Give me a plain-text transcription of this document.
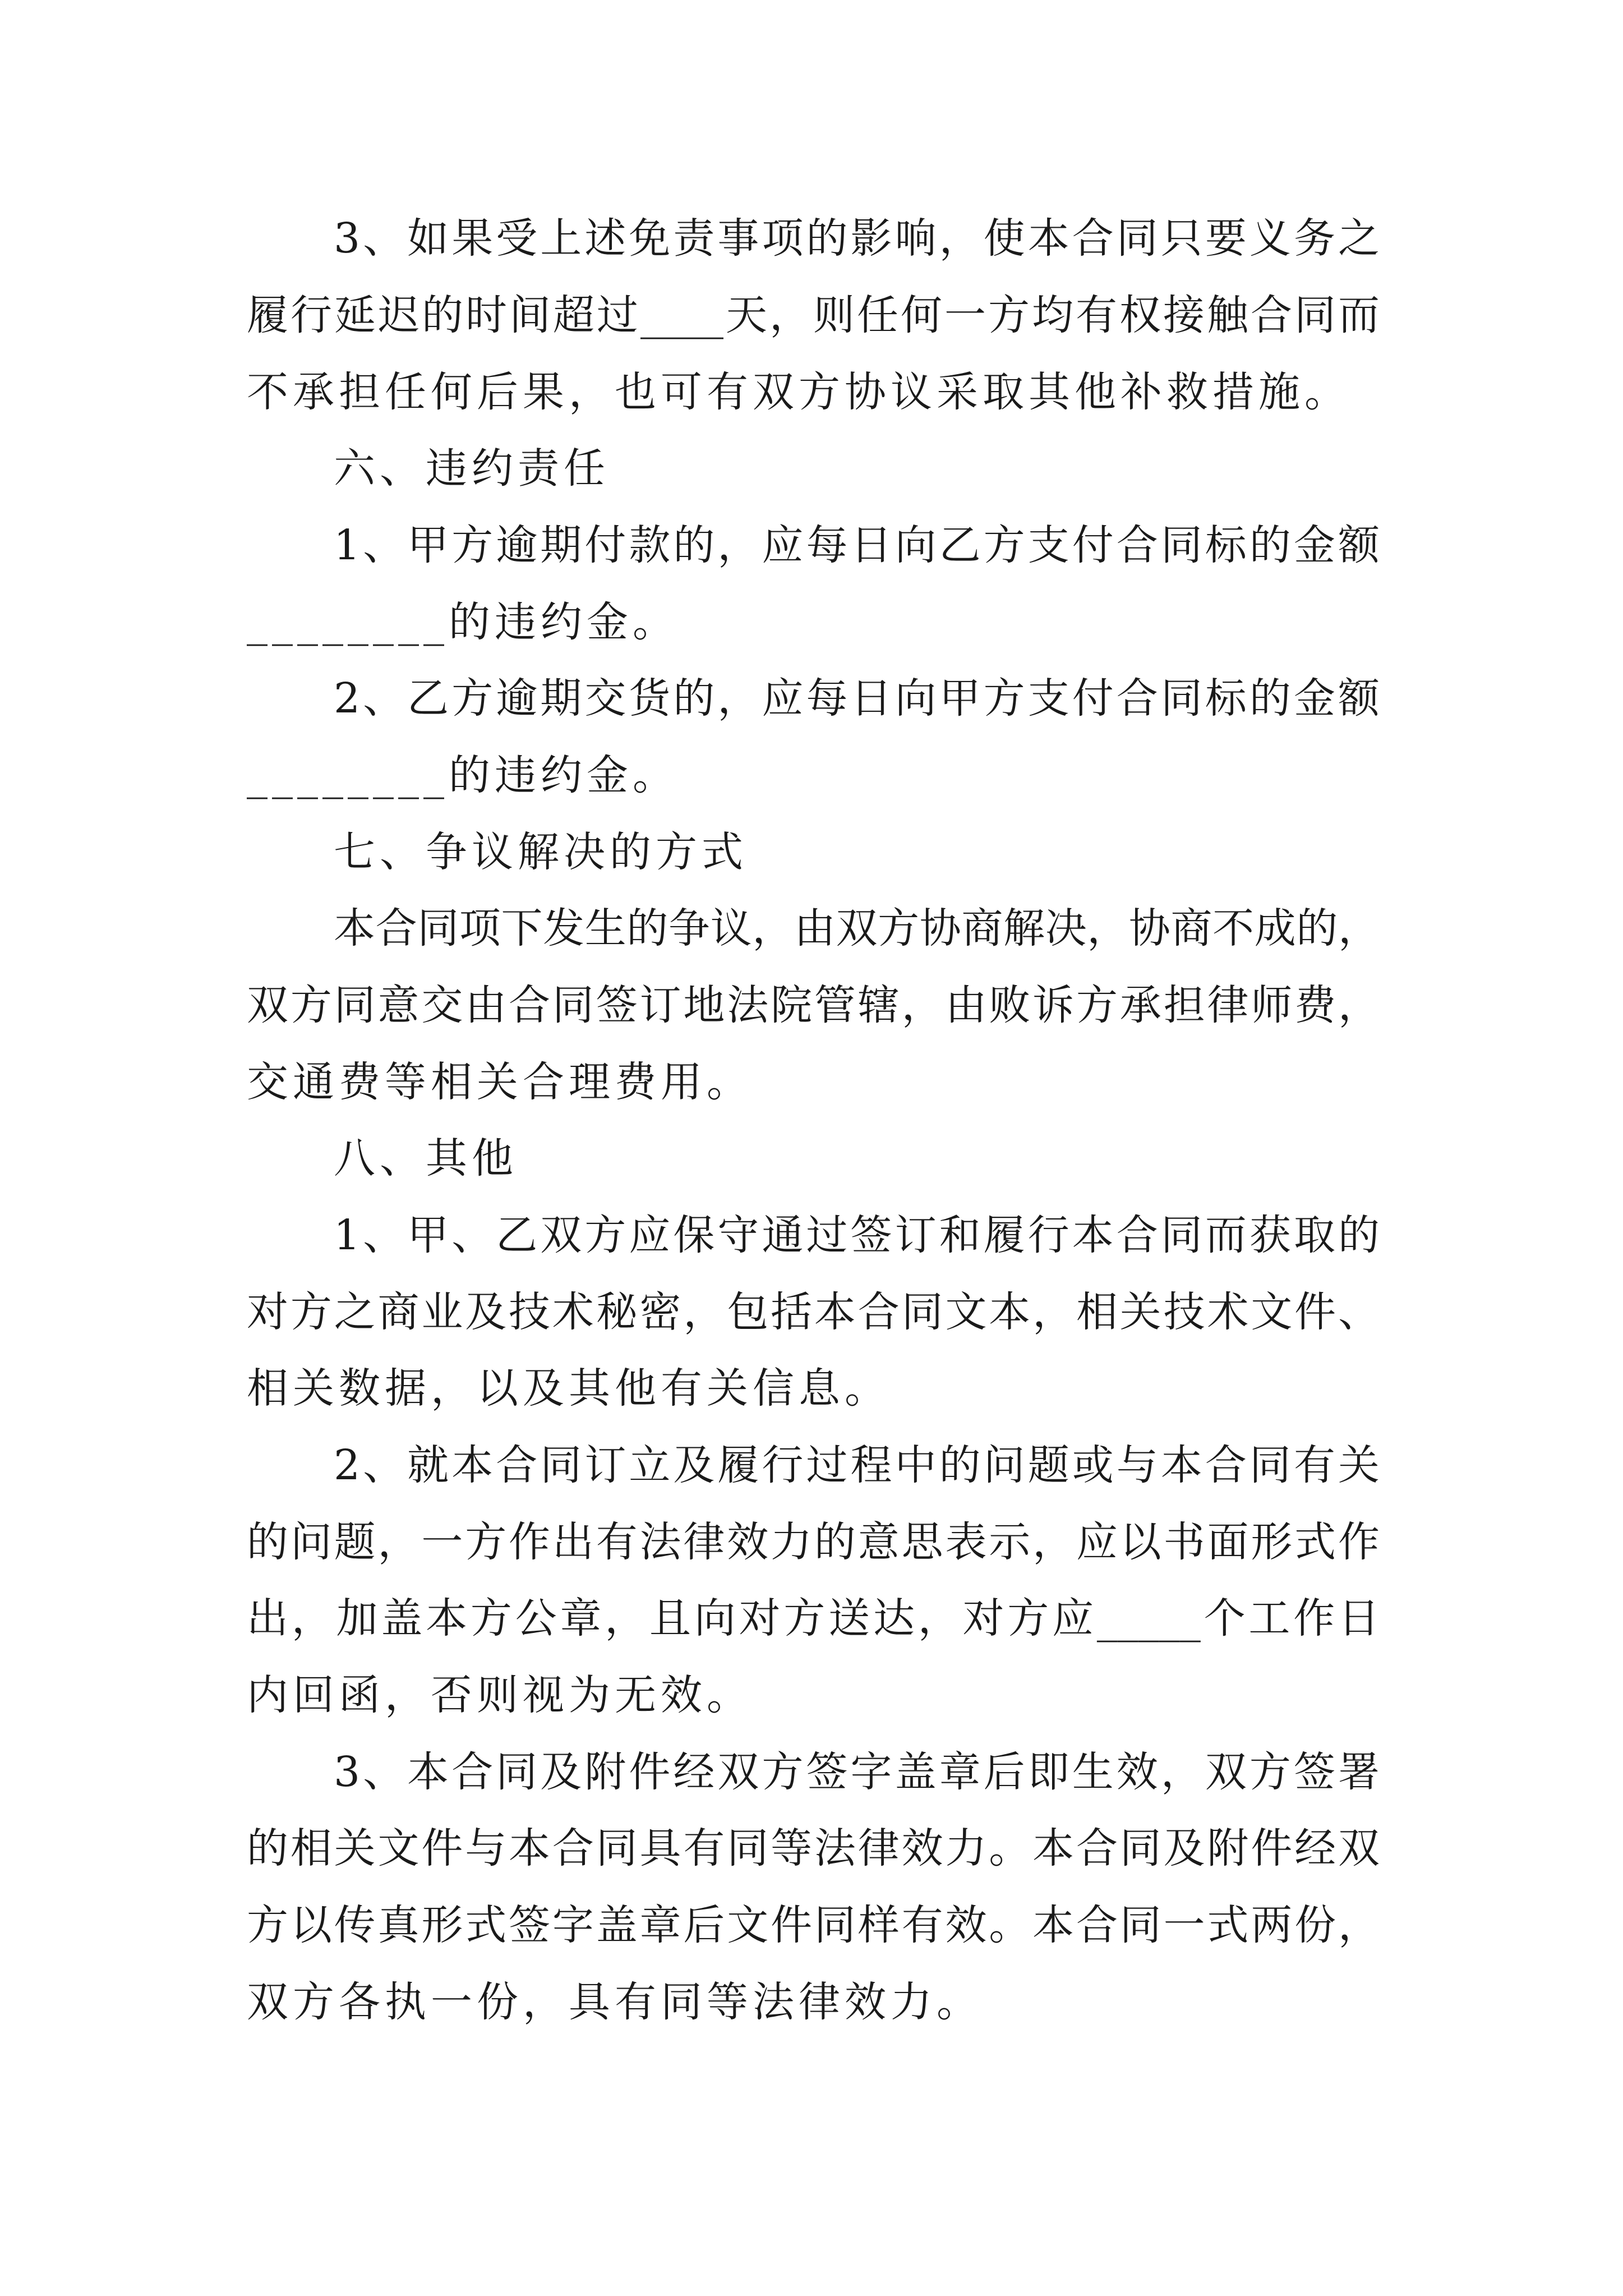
3、如果受上述免责事项的影响，使本合同只要义务之
履行延迟的时间超过____天，则任何一方均有权接触合同而
不承担任何后果，也可有双方协议采取其他补救措施。
六、违约责任
1、甲方逾期付款的，应每日向乙方支付合同标的金额
________的违约金。
2、乙方逾期交货的，应每日向甲方支付合同标的金额
________的违约金。
七、争议解决的方式
本合同项下发生的争议，由双方协商解决，协商不成的，
双方同意交由合同签订地法院管辖，由败诉方承担律师费，
交通费等相关合理费用。
八、其他
1、甲、乙双方应保守通过签订和履行本合同而获取的
对方之商业及技术秘密，包括本合同文本，相关技术文件、
相关数据，以及其他有关信息。
2、就本合同订立及履行过程中的问题或与本合同有关
的问题，一方作出有法律效力的意思表示，应以书面形式作
出，加盖本方公章，且向对方送达，对方应_____个工作日
内回函，否则视为无效。
3、本合同及附件经双方签字盖章后即生效，双方签署
的相关文件与本合同具有同等法律效力。本合同及附件经双
方以传真形式签字盖章后文件同样有效。本合同一式两份，
双方各执一份，具有同等法律效力。
